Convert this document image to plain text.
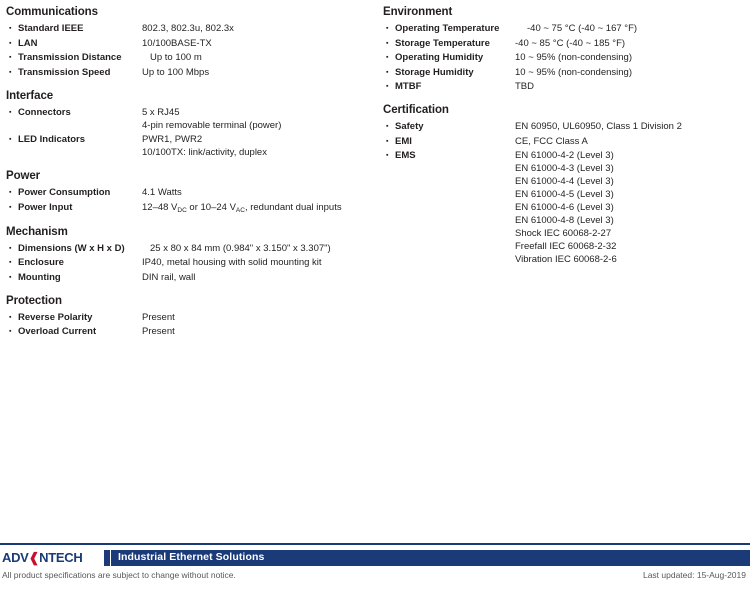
Communications
▪
Standard IEEE	802.3, 802.3u, 802.3x
▪
LAN	10/100BASE-TX
▪
Transmission Distance	Up to 100 m
▪
Transmission Speed	Up to 100 Mbps
Interface
▪
Connectors	5 x RJ45
4-pin removable terminal (power)
▪
LED Indicators	PWR1, PWR2
10/100TX: link/activity, duplex
Power
▪
Power Consumption	4.1 Watts
▪
Power Input	12–48 $V_{DC}$ or 10–24 $V_{AC}$, redundant dual inputs
Mechanism
▪
Dimensions (W x H x D)	25 x 80 x 84 mm (0.984" x 3.150" x 3.307")
▪
Enclosure	IP40, metal housing with solid mounting kit
▪
Mounting	DIN rail, wall
Protection
▪
Reverse Polarity	Present
▪
Overload Current	Present
Environment
▪
Operating Temperature	-40 ~ 75 °C (-40 ~ 167 °F)
▪
Storage Temperature	-40 ~ 85 °C (-40 ~ 185 °F)
▪
Operating Humidity	10 ~ 95% (non-condensing)
▪
Storage Humidity	10 ~ 95% (non-condensing)
▪
MTBF	TBD
Certification
▪
Safety	EN 60950, UL60950, Class 1 Division 2
▪
EMI	CE, FCC Class A
▪
EMS	EN 61000-4-2 (Level 3)
EN 61000-4-3 (Level 3)
EN 61000-4-4 (Level 3)
EN 61000-4-5 (Level 3)
EN 61000-4-6 (Level 3)
EN 61000-4-8 (Level 3)
Shock IEC 60068-2-27
Freefall IEC 60068-2-32
Vibration IEC 60068-2-6
ADV❰NTECH	Industrial Ethernet Solutions
All product specifications are subject to change without notice.	Last updated: 15-Aug-2019
